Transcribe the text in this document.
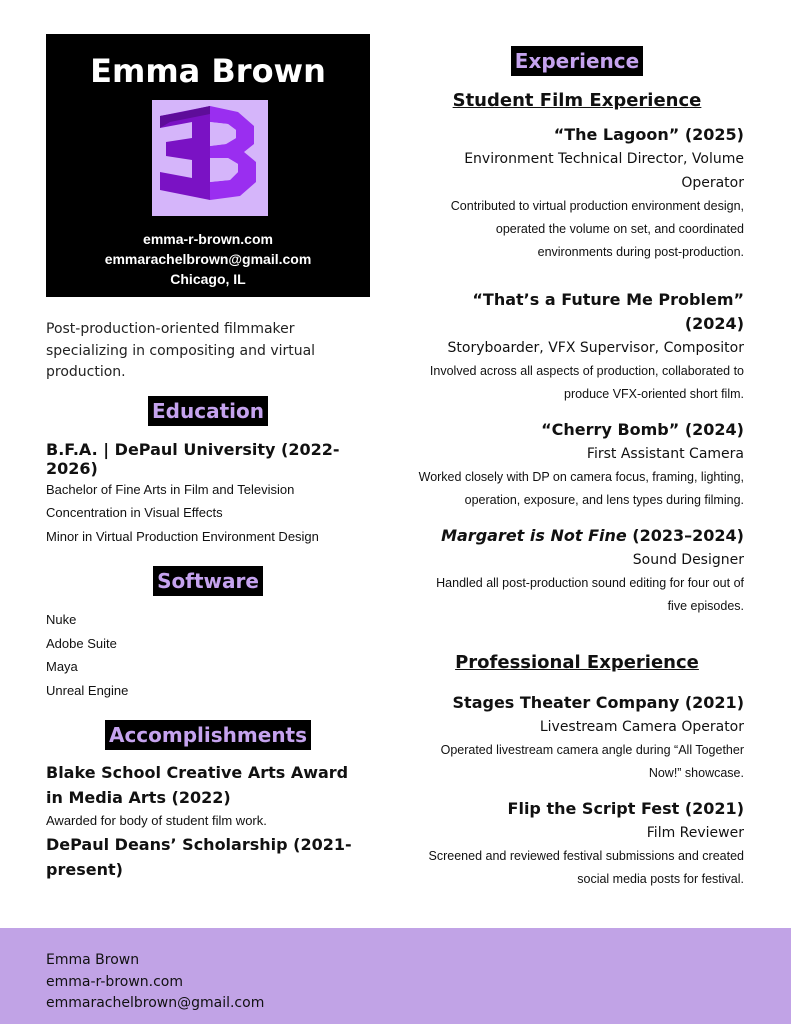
Emma Brown
emma-r-brown.com
emmarachelbrown@gmail.com
Chicago, IL
Post-production-oriented filmmaker specializing in compositing and virtual production.
Education
B.F.A. | DePaul University (2022-2026)
Bachelor of Fine Arts in Film and Television
Concentration in Visual Effects
Minor in Virtual Production Environment Design
Software
Nuke
Adobe Suite
Maya
Unreal Engine
Accomplishments
Blake School Creative Arts Award in Media Arts (2022)
Awarded for body of student film work.
DePaul Deans’ Scholarship (2021-present)
Experience
Student Film Experience
“The Lagoon” (2025)
Environment Technical Director, Volume Operator
Contributed to virtual production environment design,
operated the volume on set, and coordinated
environments during post-production.
“That’s a Future Me Problem” (2024)
Storyboarder, VFX Supervisor, Compositor
Involved across all aspects of production, collaborated to
produce VFX-oriented short film.
“Cherry Bomb” (2024)
First Assistant Camera
Worked closely with DP on camera focus, framing, lighting,
operation, exposure, and lens types during filming.
Margaret is Not Fine (2023–2024)
Sound Designer
Handled all post-production sound editing for four out of
five episodes.
Professional Experience
Stages Theater Company (2021)
Livestream Camera Operator
Operated livestream camera angle during “All Together
Now!” showcase.
Flip the Script Fest (2021)
Film Reviewer
Screened and reviewed festival submissions and created
social media posts for festival.
Emma Brown
emma-r-brown.com
emmarachelbrown@gmail.com
